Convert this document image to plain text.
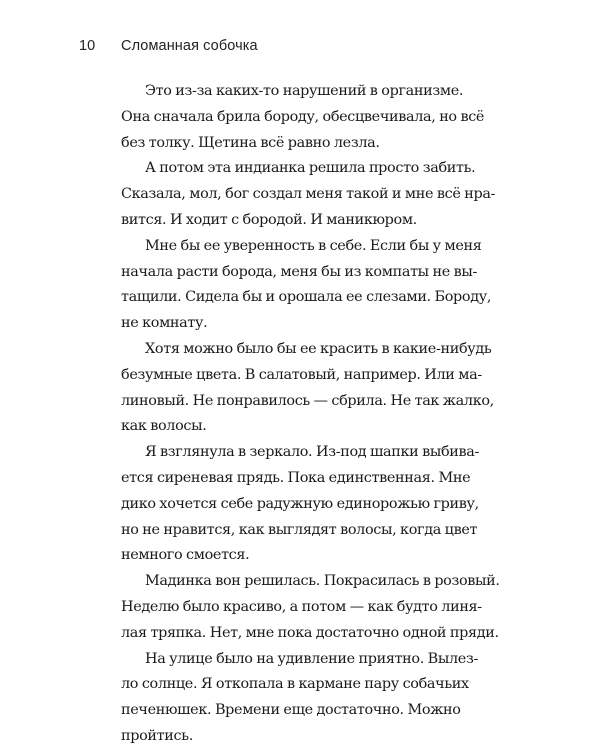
10	Сломанная собочка

Это из-за каких-то нарушений в организме.
Она сначала брила бороду, обесцвечивала, но всё
без толку. Щетина всё равно лезла.

А потом эта индианка решила просто забить.
Сказала, мол, бог создал меня такой и мне всё нра-
вится. И ходит с бородой. И маникюром.

Мне бы ее уверенность в себе. Если бы у меня
начала расти борода, меня бы из компаты не вы-
тащили. Сидела бы и орошала ее слезами. Бороду,
не комнату.

Хотя можно было бы ее красить в какие-нибудь
безумные цвета. В салатовый, например. Или ма-
линовый. Не понравилось — сбрила. Не так жалко,
как волосы.

Я взглянула в зеркало. Из-под шапки выбива-
ется сиреневая прядь. Пока единственная. Мне
дико хочется себе радужную единорожью гриву,
но не нравится, как выглядят волосы, когда цвет
немного смоется.

Мадинка вон решилась. Покрасилась в розовый.
Неделю было красиво, а потом — как будто линя-
лая тряпка. Нет, мне пока достаточно одной пряди.

На улице было на удивление приятно. Вылез-
ло солнце. Я откопала в кармане пару собачьих
печенюшек. Времени еще достаточно. Можно
пройтись.
